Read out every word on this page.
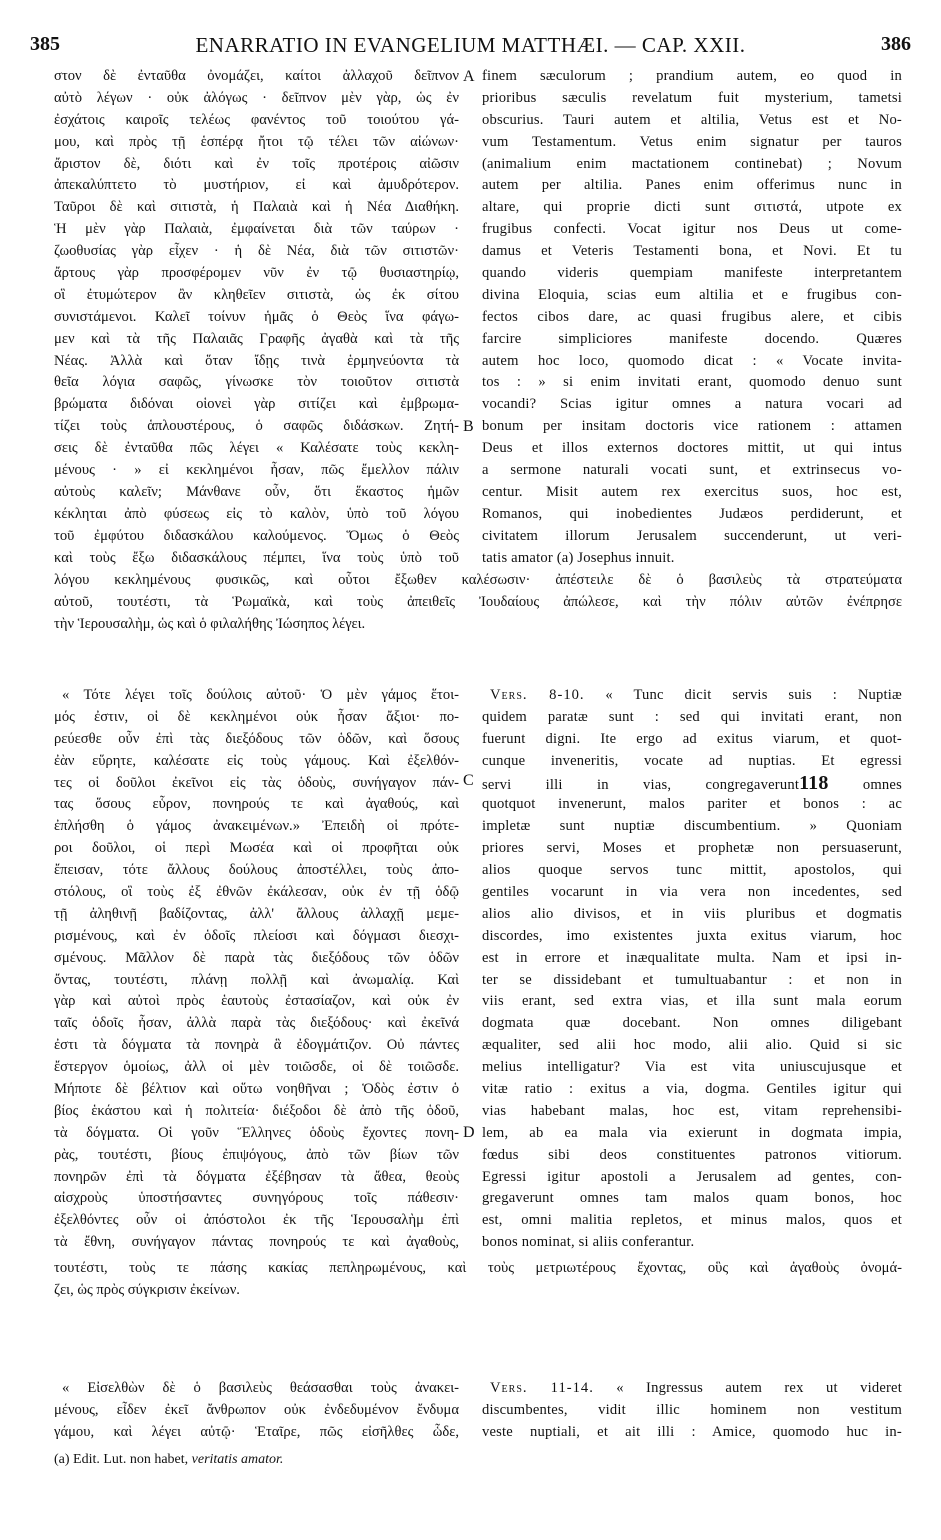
385	ENARRATIO IN EVANGELIUM MATTHÆI. — CAP. XXII.	386
A
B
C
D
στον δὲ ἐνταῦθα ὀνομάζει, καίτοι ἀλλαχοῦ δεῖπνον
αὐτὸ λέγων · οὐκ ἀλόγως · δεῖπνον μὲν γὰρ, ὡς ἐν
ἐσχάτοις καιροῖς τελέως φανέντος τοῦ τοιούτου γά-
μου, καὶ πρὸς τῇ ἑσπέρᾳ ἤτοι τῷ τέλει τῶν αἰώνων·
ἄριστον δὲ, διότι καὶ ἐν τοῖς προτέροις αἰῶσιν
ἀπεκαλύπτετο τὸ μυστήριον, εἰ καὶ ἀμυδρότερον.
Ταῦροι δὲ καὶ σιτιστὰ, ἡ Παλαιὰ καὶ ἡ Νέα Διαθήκη.
Ἡ μὲν γὰρ Παλαιὰ, ἐμφαίνεται διὰ τῶν ταύρων ·
ζωοθυσίας γὰρ εἶχεν · ἡ δὲ Νέα, διὰ τῶν σιτιστῶν·
ἄρτους γὰρ προσφέρομεν νῦν ἐν τῷ θυσιαστηρίῳ,
οἳ ἐτυμώτερον ἂν κληθεῖεν σιτιστὰ, ὡς ἐκ σίτου
συνιστάμενοι. Καλεῖ τοίνυν ἡμᾶς ὁ Θεὸς ἵνα φάγω-
μεν καὶ τὰ τῆς Παλαιᾶς Γραφῆς ἀγαθὰ καὶ τὰ τῆς
Νέας. Ἀλλὰ καὶ ὅταν ἴδῃς τινὰ ἑρμηνεύοντα τὰ
θεῖα λόγια σαφῶς, γίνωσκε τὸν τοιοῦτον σιτιστὰ
βρώματα διδόναι οἱονεὶ γὰρ σιτίζει καὶ ἐμβρωμα-
τίζει τοὺς ἁπλουστέρους, ὁ σαφῶς διδάσκων. Ζητή-
σεις δὲ ἐνταῦθα πῶς λέγει « Καλέσατε τοὺς κεκλη-
μένους · » εἰ κεκλημένοι ἦσαν, πῶς ἔμελλον πάλιν
αὐτοὺς καλεῖν; Μάνθανε οὖν, ὅτι ἕκαστος ἡμῶν
κέκληται ἀπὸ φύσεως εἰς τὸ καλὸν, ὑπὸ τοῦ λόγου
τοῦ ἐμφύτου διδασκάλου καλούμενος. Ὅμως ὁ Θεὸς
καὶ τοὺς ἔξω διδασκάλους πέμπει, ἵνα τοὺς ὑπὸ τοῦ
finem sæculorum ; prandium autem, eo quod in
prioribus sæculis revelatum fuit mysterium, tametsi
obscurius. Tauri autem et altilia, Vetus est et No-
vum Testamentum. Vetus enim signatur per tauros
(animalium enim mactationem continebat) ; Novum
autem per altilia. Panes enim offerimus nunc in
altare, qui proprie dicti sunt σιτιστά, utpote ex
frugibus confecti. Vocat igitur nos Deus ut come-
damus et Veteris Testamenti bona, et Novi. Et tu
quando videris quempiam manifeste interpretantem
divina Eloquia, scias eum altilia et e frugibus con-
fectos cibos dare, ac quasi frugibus alere, et cibis
farcire simpliciores manifeste docendo. Quæres
autem hoc loco, quomodo dicat : « Vocate invita-
tos : » si enim invitati erant, quomodo denuo sunt
vocandi? Scias igitur omnes a natura vocari ad
bonum per insitam doctoris vice rationem : attamen
Deus et illos externos doctores mittit, ut qui intus
a sermone naturali vocati sunt, et extrinsecus vo-
centur. Misit autem rex exercitus suos, hoc est,
Romanos, qui inobedientes Judæos perdiderunt, et
civitatem illorum Jerusalem succenderunt, ut veri-
tatis amator (a) Josephus innuit.
λόγου κεκλημένους φυσικῶς, καὶ οὗτοι ἔξωθεν καλέσωσιν· ἀπέστειλε δὲ ὁ βασιλεὺς τὰ στρατεύματα
αὐτοῦ, τουτέστι, τὰ Ῥωμαϊκὰ, καὶ τοὺς ἀπειθεῖς Ἰουδαίους ἀπώλεσε, καὶ τὴν πόλιν αὐτῶν ἐνέπρησε
τὴν Ἱερουσαλὴμ, ὡς καὶ ὁ φιλαλήθης Ἰώσηπος λέγει.
« Τότε λέγει τοῖς δούλοις αὐτοῦ· Ὁ μὲν γάμος ἕτοι-
μός ἐστιν, οἱ δὲ κεκλημένοι οὐκ ἦσαν ἄξιοι· πο-
ρεύεσθε οὖν ἐπὶ τὰς διεξόδους τῶν ὁδῶν, καὶ ὅσους
ἐὰν εὕρητε, καλέσατε εἰς τοὺς γάμους. Καὶ ἐξελθόν-
τες οἱ δοῦλοι ἐκεῖνοι εἰς τὰς ὁδοὺς, συνήγαγον πάν-
τας ὅσους εὗρον, πονηρούς τε καὶ ἀγαθούς, καὶ
ἐπλήσθη ὁ γάμος ἀνακειμένων.» Ἐπειδὴ οἱ πρότε-
ροι δοῦλοι, οἱ περὶ Μωσέα καὶ οἱ προφῆται οὐκ
ἔπεισαν, τότε ἄλλους δούλους ἀποστέλλει, τοὺς ἀπο-
στόλους, οἳ τοὺς ἐξ ἐθνῶν ἐκάλεσαν, οὐκ ἐν τῇ ὁδῷ
τῇ ἀληθινῇ βαδίζοντας, ἀλλ' ἄλλους ἀλλαχῇ μεμε-
ρισμένους, καὶ ἐν ὁδοῖς πλείοσι καὶ δόγμασι διεσχι-
σμένους. Μᾶλλον δὲ παρὰ τὰς διεξόδους τῶν ὁδῶν
ὄντας, τουτέστι, πλάνῃ πολλῇ καὶ ἀνωμαλίᾳ. Καὶ
γὰρ καὶ αὐτοὶ πρὸς ἑαυτοὺς ἐστασίαζον, καὶ οὐκ ἐν
ταῖς ὁδοῖς ἦσαν, ἀλλὰ παρὰ τὰς διεξόδους· καὶ ἐκεῖνά
ἐστι τὰ δόγματα τὰ πονηρὰ ἃ ἐδογμάτιζον. Οὐ πάντες
ἔστεργον ὁμοίως, ἀλλ οἱ μὲν τοιῶσδε, οἱ δὲ τοιῶσδε.
Μήποτε δὲ βέλτιον καὶ οὕτω νοηθῆναι ; Ὁδὸς ἐστιν ὁ
βίος ἑκάστου καὶ ἡ πολιτεία· διέξοδοι δὲ ἀπὸ τῆς ὁδοῦ,
τὰ δόγματα. Οἱ γοῦν Ἕλληνες ὁδοὺς ἔχοντες πονη-
ρὰς, τουτέστι, βίους ἐπιψόγους, ἀπὸ τῶν βίων τῶν
πονηρῶν ἐπὶ τὰ δόγματα ἐξέβησαν τὰ ἄθεα, θεοὺς
αἰσχροὺς ὑποστήσαντες συνηγόρους τοῖς πάθεσιν·
ἐξελθόντες οὖν οἱ ἀπόστολοι ἐκ τῆς Ἱερουσαλὴμ ἐπὶ
τὰ ἔθνη, συνήγαγον πάντας πονηρούς τε καὶ ἀγαθοὺς,
Vers. 8-10. « Tunc dicit servis suis : Nuptiæ
quidem paratæ sunt : sed qui invitati erant, non
fuerunt digni. Ite ergo ad exitus viarum, et quot-
cunque inveneritis, vocate ad nuptias. Et egressi
servi illi in vias, congregaverunt118 omnes
quotquot invenerunt, malos pariter et bonos : ac
impletæ sunt nuptiæ discumbentium. » Quoniam
priores servi, Moses et prophetæ non persuaserunt,
alios quoque servos tunc mittit, apostolos, qui
gentiles vocarunt in via vera non incedentes, sed
alios alio divisos, et in viis pluribus et dogmatis
discordes, imo existentes juxta exitus viarum, hoc
est in errore et inæqualitate multa. Nam et ipsi in-
ter se dissidebant et tumultuabantur : et non in
viis erant, sed extra vias, et illa sunt mala eorum
dogmata quæ docebant. Non omnes diligebant
æqualiter, sed alii hoc modo, alii alio. Quid si sic
melius intelligatur? Via est vita uniuscujusque et
vitæ ratio : exitus a via, dogma. Gentiles igitur qui
vias habebant malas, hoc est, vitam reprehensibi-
lem, ab ea mala via exierunt in dogmata impia,
fœdus sibi deos constituentes patronos vitiorum.
Egressi igitur apostoli a Jerusalem ad gentes, con-
gregaverunt omnes tam malos quam bonos, hoc
est, omni malitia repletos, et minus malos, quos et
bonos nominat, si aliis conferantur.
τουτέστι, τοὺς τε πάσης κακίας πεπληρωμένους, καὶ τοὺς μετριωτέρους ἔχοντας, οὓς καὶ ἀγαθοὺς ὀνομά-
ζει, ὡς πρὸς σύγκρισιν ἐκείνων.
« Εἰσελθὼν δὲ ὁ βασιλεὺς θεάσασθαι τοὺς ἀνακει-
μένους, εἶδεν ἐκεῖ ἄνθρωπον οὐκ ἐνδεδυμένον ἔνδυμα
γάμου, καὶ λέγει αὐτῷ· Ἑταῖρε, πῶς εἰσῆλθες ὧδε,
Vers. 11-14. « Ingressus autem rex ut videret
discumbentes, vidit illic hominem non vestitum
veste nuptiali, et ait illi : Amice, quomodo huc in-
(a) Edit. Lut. non habet, veritatis amator.
